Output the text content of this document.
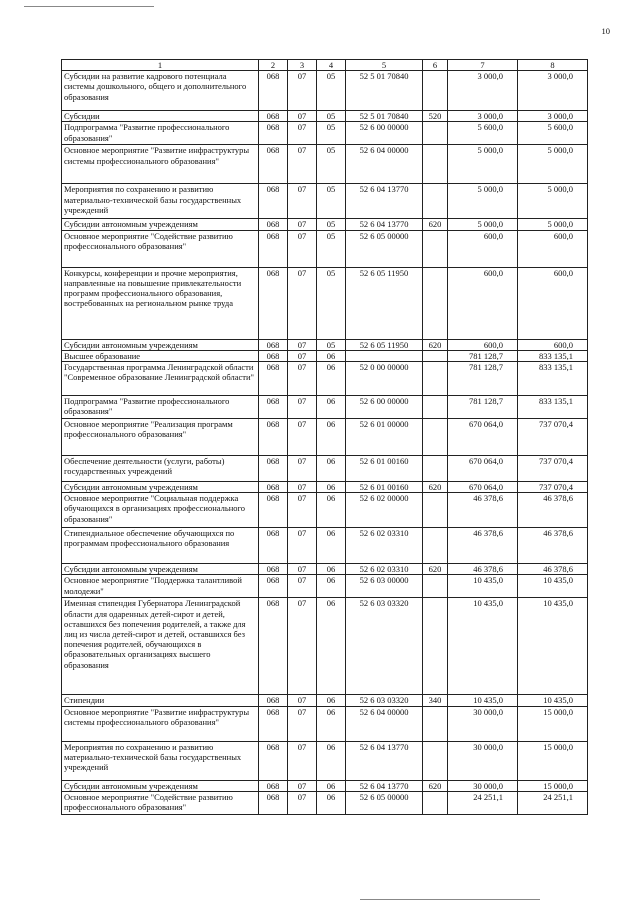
10
1	2	3	4	5	6	7	8
Субсидии на развитие кадрового потенциала системы дошкольного, общего и дополнительного образования	068	07	05	52 5 01 70840		3 000,0	3 000,0
Субсидии	068	07	05	52 5 01 70840	520	3 000,0	3 000,0
Подпрограмма "Развитие профессионального образования"	068	07	05	52 6 00 00000		5 600,0	5 600,0
Основное мероприятие "Развитие инфраструктуры системы профессионального образования"	068	07	05	52 6 04 00000		5 000,0	5 000,0
Мероприятия по сохранению и развитию материально-технической базы государственных учреждений	068	07	05	52 6 04 13770		5 000,0	5 000,0
Субсидии автономным учреждениям	068	07	05	52 6 04 13770	620	5 000,0	5 000,0
Основное мероприятие "Содействие развитию профессионального образования"	068	07	05	52 6 05 00000		600,0	600,0
Конкурсы, конференции и прочие мероприятия, направленные на повышение привлекательности программ профессионального образования, востребованных на региональном рынке труда	068	07	05	52 6 05 11950		600,0	600,0
Субсидии автономным учреждениям	068	07	05	52 6 05 11950	620	600,0	600,0
Высшее образование	068	07	06			781 128,7	833 135,1
Государственная программа Ленинградской области "Современное образование Ленинградской области"	068	07	06	52 0 00 00000		781 128,7	833 135,1
Подпрограмма "Развитие профессионального образования"	068	07	06	52 6 00 00000		781 128,7	833 135,1
Основное мероприятие "Реализация программ профессионального образования"	068	07	06	52 6 01 00000		670 064,0	737 070,4
Обеспечение деятельности (услуги, работы) государственных учреждений	068	07	06	52 6 01 00160		670 064,0	737 070,4
Субсидии автономным учреждениям	068	07	06	52 6 01 00160	620	670 064,0	737 070,4
Основное мероприятие "Социальная поддержка обучающихся в организациях профессионального образования"	068	07	06	52 6 02 00000		46 378,6	46 378,6
Стипендиальное обеспечение обучающихся по программам профессионального образования	068	07	06	52 6 02 03310		46 378,6	46 378,6
Субсидии автономным учреждениям	068	07	06	52 6 02 03310	620	46 378,6	46 378,6
Основное мероприятие "Поддержка талантливой молодежи"	068	07	06	52 6 03 00000		10 435,0	10 435,0
Именная стипендия Губернатора Ленинградской области для одаренных детей-сирот и детей, оставшихся без попечения родителей, а также для лиц из числа детей-сирот и детей, оставшихся без попечения родителей, обучающихся в образовательных организациях высшего образования	068	07	06	52 6 03 03320		10 435,0	10 435,0
Стипендии	068	07	06	52 6 03 03320	340	10 435,0	10 435,0
Основное мероприятие "Развитие инфраструктуры системы профессионального образования"	068	07	06	52 6 04 00000		30 000,0	15 000,0
Мероприятия по сохранению и развитию материально-технической базы государственных учреждений	068	07	06	52 6 04 13770		30 000,0	15 000,0
Субсидии автономным учреждениям	068	07	06	52 6 04 13770	620	30 000,0	15 000,0
Основное мероприятие "Содействие развитию профессионального образования"	068	07	06	52 6 05 00000		24 251,1	24 251,1
